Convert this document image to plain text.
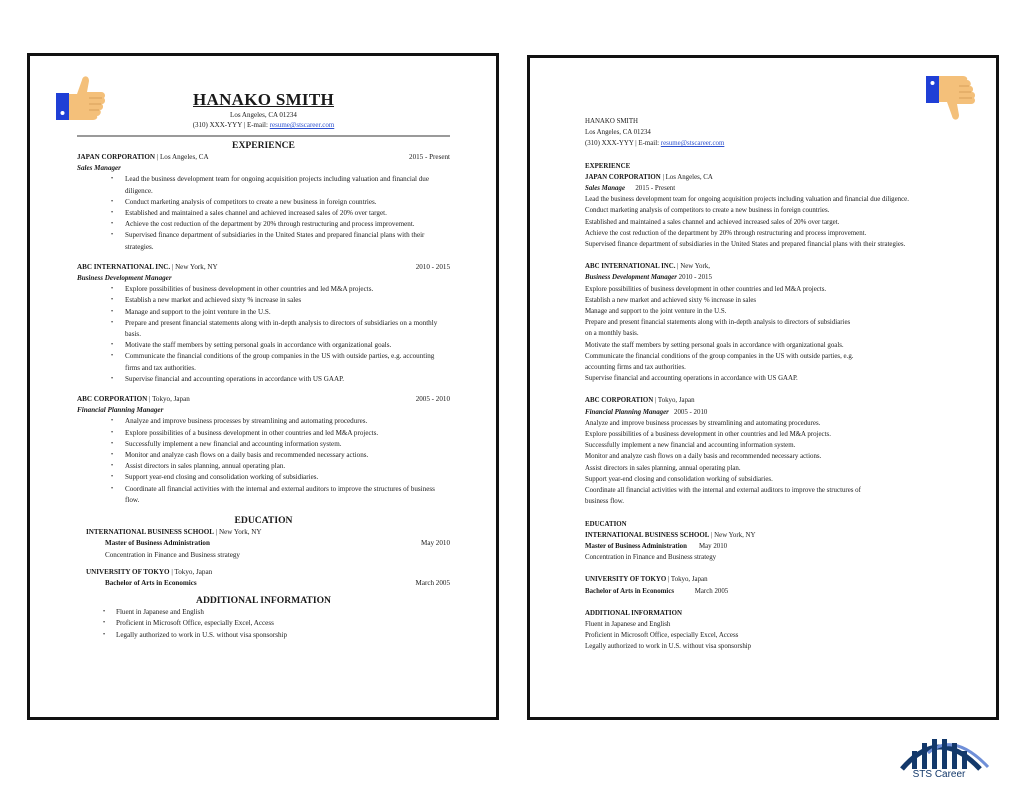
HANAKO SMITH
Los Angeles, CA 01234
(310) XXX-YYY | E-mail: resume@stscareer.com
EXPERIENCE
JAPAN CORPORATION | Los Angeles, CA	2015 - Present
Sales Manager
• Lead the business development team for ongoing acquisition projects including valuation and financial due diligence.
• Conduct marketing analysis of competitors to create a new business in foreign countries.
• Established and maintained a sales channel and achieved increased sales of 20% over target.
• Achieve the cost reduction of the department by 20% through restructuring and process improvement.
• Supervised finance department of subsidiaries in the United States and prepared financial plans with their strategies.
ABC INTERNATIONAL INC. | New York, NY	2010 - 2015
Business Development Manager
• Explore possibilities of business development in other countries and led M&A projects.
• Establish a new market and achieved sixty % increase in sales
• Manage and support to the joint venture in the U.S.
• Prepare and present financial statements along with in-depth analysis to directors of subsidiaries on a monthly basis.
• Motivate the staff members by setting personal goals in accordance with organizational goals.
• Communicate the financial conditions of the group companies in the US with outside parties, e.g. accounting firms and tax authorities.
• Supervise financial and accounting operations in accordance with US GAAP.
ABC CORPORATION | Tokyo, Japan	2005 - 2010
Financial Planning Manager
• Analyze and improve business processes by streamlining and automating procedures.
• Explore possibilities of a business development in other countries and led M&A projects.
• Successfully implement a new financial and accounting information system.
• Monitor and analyze cash flows on a daily basis and recommended necessary actions.
• Assist directors in sales planning, annual operating plan.
• Support year-end closing and consolidation working of subsidiaries.
• Coordinate all financial activities with the internal and external auditors to improve the structures of business flow.
EDUCATION
INTERNATIONAL BUSINESS SCHOOL | New York, NY
Master of Business Administration	May 2010
Concentration in Finance and Business strategy
UNIVERSITY OF TOKYO | Tokyo, Japan
Bachelor of Arts in Economics	March 2005
ADDITIONAL INFORMATION
• Fluent in Japanese and English
• Proficient in Microsoft Office, especially Excel, Access
• Legally authorized to work in U.S. without visa sponsorship
HANAKO SMITH
Los Angeles, CA 01234
(310) XXX-YYY | E-mail: resume@stscareer.com
EXPERIENCE
JAPAN CORPORATION | Los Angeles, CA
Sales Manage 2015 - Present
Lead the business development team for ongoing acquisition projects including valuation and financial due diligence.
Conduct marketing analysis of competitors to create a new business in foreign countries.
Established and maintained a sales channel and achieved increased sales of 20% over target.
Achieve the cost reduction of the department by 20% through restructuring and process improvement.
Supervised finance department of subsidiaries in the United States and prepared financial plans with their strategies.
ABC INTERNATIONAL INC. | New York,
Business Development Manager 2010 - 2015
Explore possibilities of business development in other countries and led M&A projects.
Establish a new market and achieved sixty % increase in sales
Manage and support to the joint venture in the U.S.
Prepare and present financial statements along with in-depth analysis to directors of subsidiaries
on a monthly basis.
Motivate the staff members by setting personal goals in accordance with organizational goals.
Communicate the financial conditions of the group companies in the US with outside parties, e.g.
accounting firms and tax authorities.
Supervise financial and accounting operations in accordance with US GAAP.
ABC CORPORATION | Tokyo, Japan
Financial Planning Manager 2005 - 2010
Analyze and improve business processes by streamlining and automating procedures.
Explore possibilities of a business development in other countries and led M&A projects.
Successfully implement a new financial and accounting information system.
Monitor and analyze cash flows on a daily basis and recommended necessary actions.
Assist directors in sales planning, annual operating plan.
Support year-end closing and consolidation working of subsidiaries.
Coordinate all financial activities with the internal and external auditors to improve the structures of
business flow.
EDUCATION
INTERNATIONAL BUSINESS SCHOOL | New York, NY
Master of Business Administration May 2010
Concentration in Finance and Business strategy
UNIVERSITY OF TOKYO | Tokyo, Japan
Bachelor of Arts in Economics	March 2005
ADDITIONAL INFORMATION
Fluent in Japanese and English
Proficient in Microsoft Office, especially Excel, Access
Legally authorized to work in U.S. without visa sponsorship
STS Career
